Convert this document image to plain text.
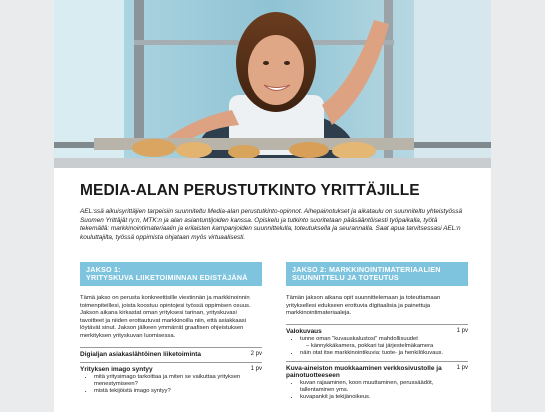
MEDIA-ALAN PERUSTUTKINTO YRITTÄJILLE

AEL:ssä aikuisyrittäjien tarpeisiin suunniteltu Media-alan perustutkinto-opinnot. Aihepainotukset ja aikataulu on suunniteltu yhteistyössä Suomen Yrittäjät ry:n, MTK:n ja alan asiantuntijoiden kanssa. Opiskelu ja tutkinto suoritetaan pääsääntöisesti työpaikalla, työtä tekemällä: markkinointimateriaalin ja erilaisten kampanjoiden suunnittelulla, toteutuksella ja seurannalla. Saat apua tarvitsessasi AEL:n kouluttajilta, työssä oppimista ohjataan myös virtuaalisesti.

JAKSO 1:
YRITYSKUVA LIIKETOIMINNAN EDISTÄJÄNÄ

Tämä jakso on perusta konkreettisille viestinnän ja markkinoinnin toimenpiteillesi, joista koostuu opintojesi työssä oppimisen osuus. Jakson aikana kirkastat oman yrityksesi tarinan, yrityskuvasi tavoitteet ja niiden erottautuvat markkinoilla niin, että asiakkaasi löytävät sinut. Jakson jälkeen ymmärrät graafisen ohjeistuksen merkityksen yrityskuvan luomisessa.

Digialjan asiakaslähtöinen liiketoiminta	2 pv
Yrityksen imago syntyy	1 pv
• mitä yritysimago tarkoittaa ja miten se vaikuttaa yrityksen menestymiseen?
• mistä tekijöistä imago syntyy?
JAKSO 2: MARKKINOINTIMATERIAALIEN SUUNNITTELU JA TOTEUTUS

Tämän jakson aikana opit suunnittelemaan ja toteuttamaan yrityksellesi edukseen erottuvia digitaalisia ja painettuja markkinointimateriaaleja.

Valokuvaus	1 pv
• tunne oman "kuvauskalustosi" mahdollisuudet
– kännykkäkamera, pokkari tai järjestelmäkamera
• näin otat itse markkinointikuvia: tuote- ja henkilökuvaus.
Kuva-aineiston muokkaaminen verkkosivustolle ja painotuotteeseen
1 pv
• kuvan rajaaminen, koon muuttaminen, perussäädöt, tallentaminen yms.
• kuvapankit ja tekijänoikeus.
